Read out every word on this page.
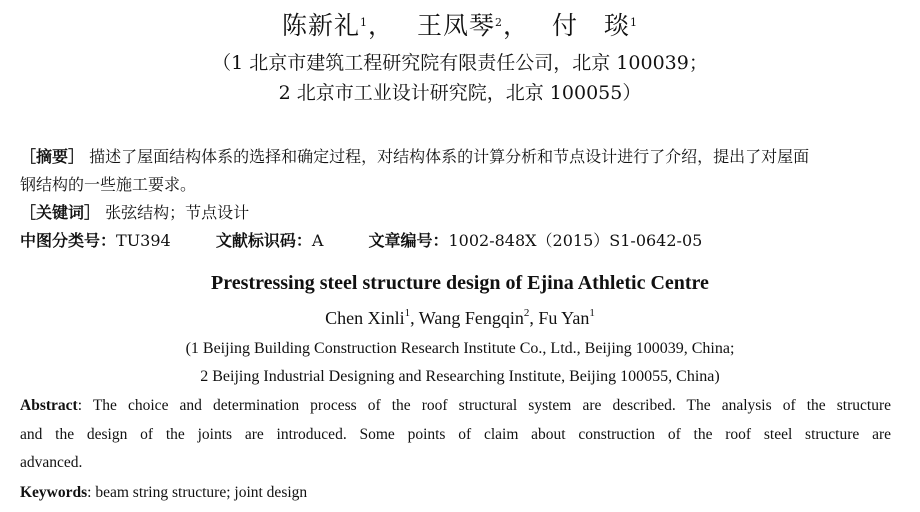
陈新礼$^1$， 王凤琴$^2$， 付　琰$^1$
（1 北京市建筑工程研究院有限责任公司，北京 100039；
2 北京市工业设计研究院，北京 100055）
［摘要］ 描述了屋面结构体系的选择和确定过程，对结构体系的计算分析和节点设计进行了介绍，提出了对屋面
钢结构的一些施工要求。
［关键词］ 张弦结构；节点设计
中图分类号：TU394	文献标识码：A	文章编号：1002-848X（2015）S1-0642-05
Prestressing steel structure design of Ejina Athletic Centre
Chen Xinli$^1$, Wang Fengqin$^2$, Fu Yan$^1$
(1 Beijing Building Construction Research Institute Co., Ltd., Beijing 100039, China;
2 Beijing Industrial Designing and Researching Institute, Beijing 100055, China)
Abstract: The choice and determination process of the roof structural system are described. The analysis of the structure
and the design of the joints are introduced. Some points of claim about construction of the roof steel structure are
advanced.
Keywords: beam string structure; joint design
